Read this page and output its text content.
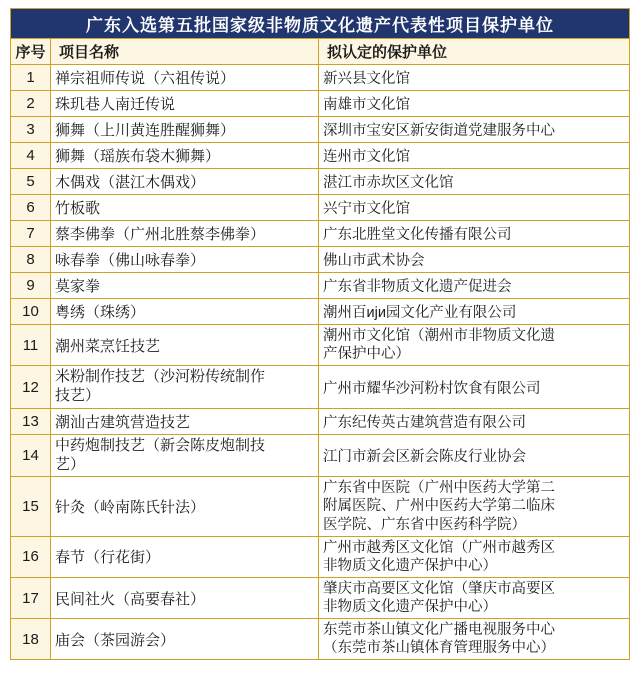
广东入选第五批国家级非物质文化遗产代表性项目保护单位		
序号	项目名称	拟认定的保护单位
1	禅宗祖师传说（六祖传说）	新兴县文化馆

2	珠玑巷人南迁传说	南雄市文化馆

3	狮舞（上川黄连胜醒狮舞）	深圳市宝安区新安街道党建服务中心

4	狮舞（瑶族布袋木狮舞）	连州市文化馆

5	木偶戏（湛江木偶戏）	湛江市赤坎区文化馆

6	竹板歌	兴宁市文化馆

7	蔡李佛拳（广州北胜蔡李佛拳）	广东北胜堂文化传播有限公司

8	咏春拳（佛山咏春拳）	佛山市武术协会

9	莫家拳	广东省非物质文化遗产促进会

10	粤绣（珠绣）	潮州百ији园文化产业有限公司

11	潮州菜烹饪技艺	潮州市文化馆（潮州市非物质文化遗
产保护中心）

12	米粉制作技艺（沙河粉传统制作
技艺）	广州市耀华沙河粉村饮食有限公司

13	潮汕古建筑营造技艺	广东纪传英古建筑营造有限公司

14	中药炮制技艺（新会陈皮炮制技
艺）	江门市新会区新会陈皮行业协会

15	针灸（岭南陈氏针法）	广东省中医院（广州中医药大学第二
附属医院、广州中医药大学第二临床
医学院、广东省中医药科学院）

16	春节（行花街）	广州市越秀区文化馆（广州市越秀区
非物质文化遗产保护中心）

17	民间社火（高要春社）	肇庆市高要区文化馆（肇庆市高要区
非物质文化遗产保护中心）

18	庙会（茶园游会）	东莞市茶山镇文化广播电视服务中心
（东莞市茶山镇体育管理服务中心）
